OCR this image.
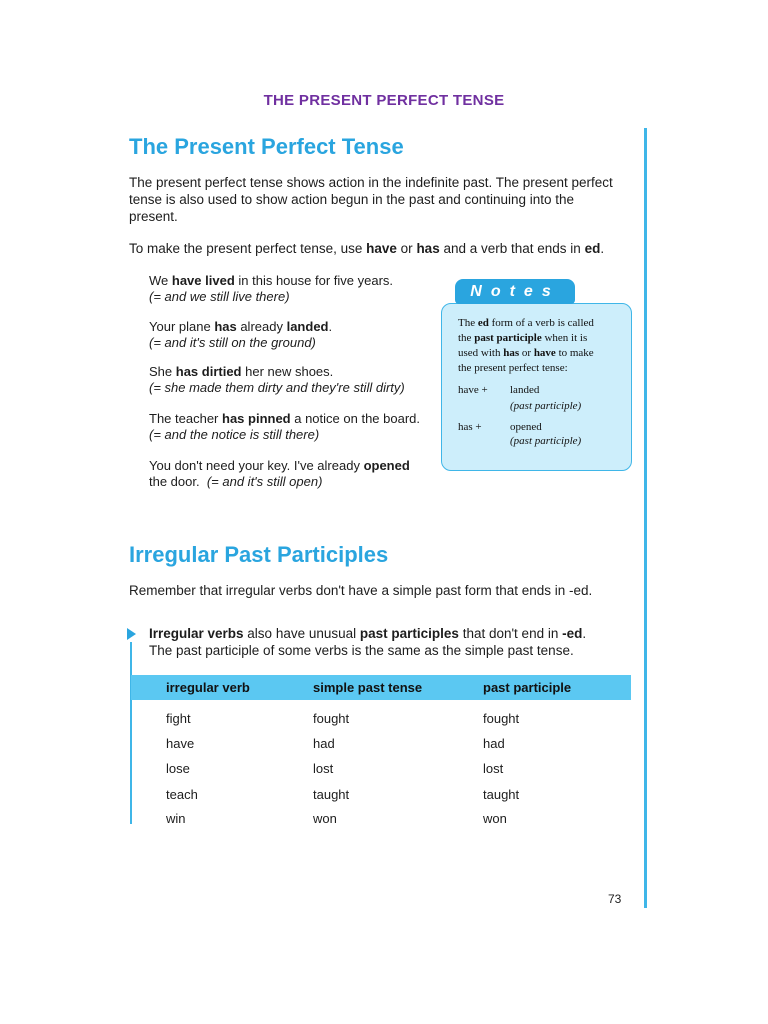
THE PRESENT PERFECT TENSE
The Present Perfect Tense
The present perfect tense shows action in the indefinite past. The present perfect
tense is also used to show action begun in the past and continuing into the
present.
To make the present perfect tense, use have or has and a verb that ends in ed.
We have lived in this house for five years.
(= and we still live there)
Your plane has already landed.
(= and it's still on the ground)
She has dirtied her new shoes.
(= she made them dirty and they're still dirty)
The teacher has pinned a notice on the board.
(= and the notice is still there)
You don't need your key. I've already opened
the door. (= and it's still open)
Notes
The ed form of a verb is called
the past participle when it is
used with has or have to make
the present perfect tense:
have + landed
(past participle)
has +	opened
(past participle)
Irregular Past Participles
Remember that irregular verbs don't have a simple past form that ends in -ed.
Irregular verbs also have unusual past participles that don't end in -ed.
The past participle of some verbs is the same as the simple past tense.
irregular verb	simple past tense	past participle
fight	fought	fought
have	had	had
lose	lost	lost
teach	taught	taught
win	won	won
73
